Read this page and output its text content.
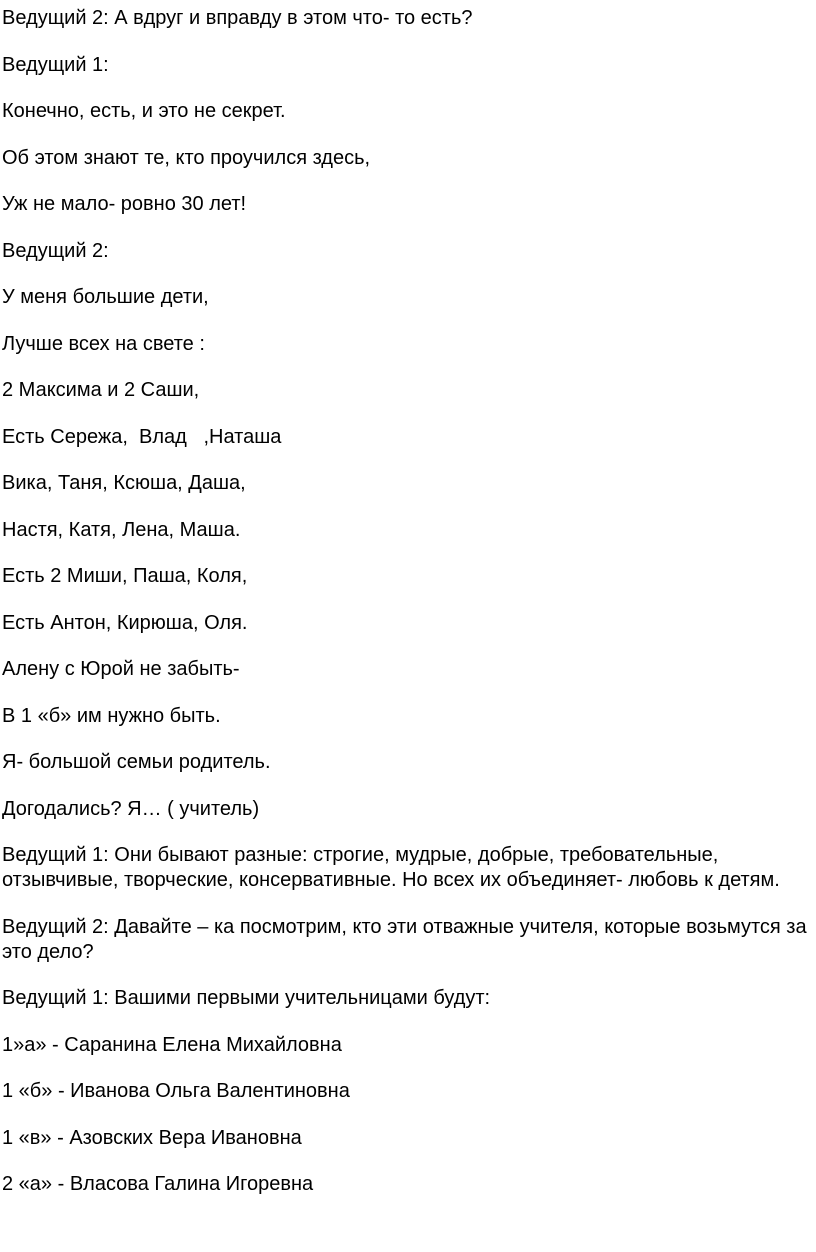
Ведущий 2: А вдруг и вправду в этом что- то есть?

Ведущий 1:

Конечно, есть, и это не секрет.

Об этом знают те, кто проучился здесь,

Уж не мало- ровно 30 лет!

Ведущий 2:

У меня большие дети,

Лучше всех на свете :

2 Максима и 2 Саши,

Есть Сережа,  Влад   ,Наташа

Вика, Таня, Ксюша, Даша,

Настя, Катя, Лена, Маша.

Есть 2 Миши, Паша, Коля,

Есть Антон, Кирюша, Оля.

Алену с Юрой не забыть-

В 1 «б» им нужно быть.

Я- большой семьи родитель.

Догодались? Я… ( учитель)

Ведущий 1: Они бывают разные: строгие, мудрые, добрые, требовательные, отзывчивые, творческие, консервативные. Но всех их объединяет- любовь к детям.

Ведущий 2: Давайте – ка посмотрим, кто эти отважные учителя, которые возьмутся за это дело?

Ведущий 1: Вашими первыми учительницами будут:

1»а» - Саранина Елена Михайловна

1 «б» - Иванова Ольга Валентиновна

1 «в» - Азовских Вера Ивановна

2 «а» - Власова Галина Игоревна
